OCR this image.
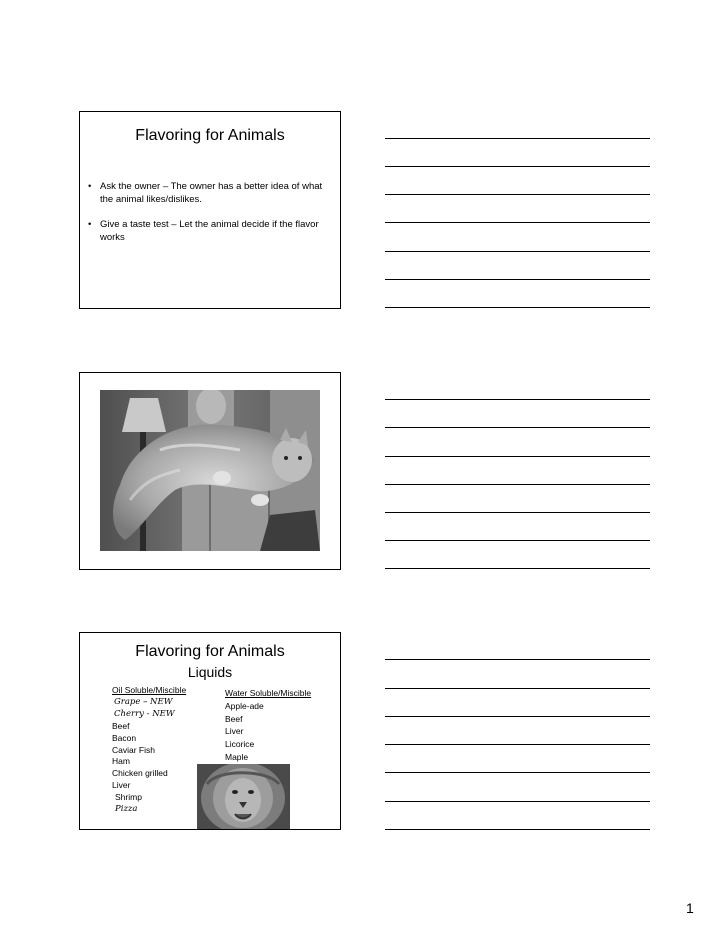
Flavoring for Animals
• Ask the owner – The owner has a better idea of what the animal likes/dislikes.
• Give a taste test – Let the animal decide if the flavor works
Flavoring for Animals
Liquids
Oil Soluble/Miscible
Grape – NEW
Cherry - NEW
Beef
Bacon
Caviar Fish
Ham
Chicken grilled
Liver
Shrimp
Pizza
Water Soluble/Miscible
Apple-ade
Beef
Liver
Licorice
Maple
1
